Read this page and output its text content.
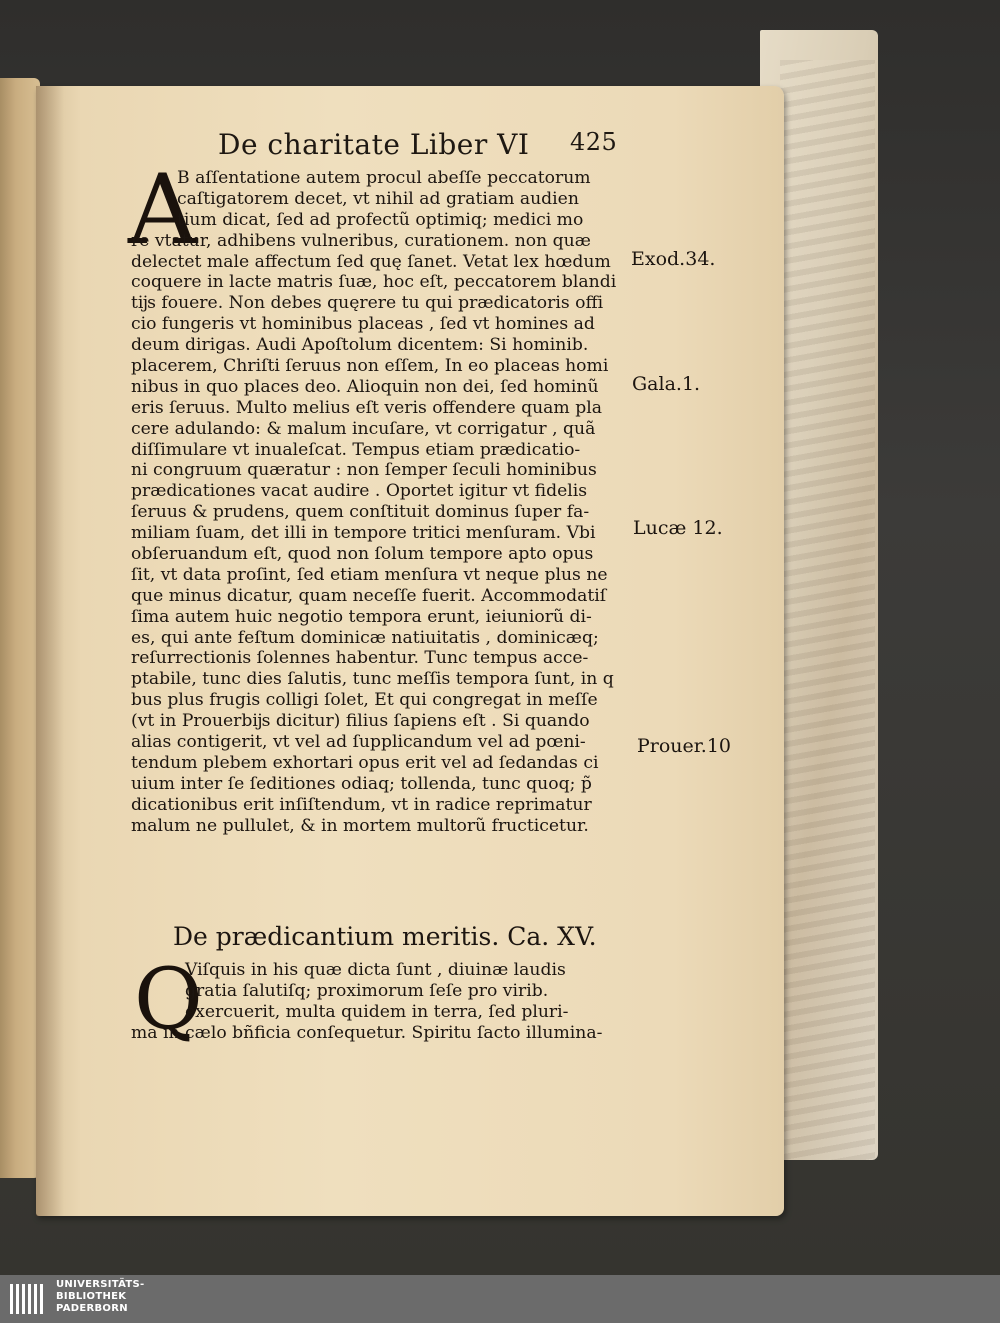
De charitate Liber VI 425
A
B aſſentatione autem procul abeſſe peccatorum
caſtigatorem decet, vt nihil ad gratiam audien
tium dicat, ſed ad profectũ optimiq; medici mo
re vtatur, adhibens vulneribus, curationem. non quæ
delectet male affectum ſed quę ſanet. Vetat lex hœdum
coquere in lacte matris ſuæ, hoc eſt, peccatorem blandi
tĳs fouere. Non debes quęrere tu qui prædicatoris offi
cio fungeris vt hominibus placeas , ſed vt homines ad
deum dirigas. Audi Apoſtolum dicentem: Si hominib.
placerem, Chriſti ſeruus non eſſem, In eo placeas homi
nibus in quo places deo. Alioquin non dei, ſed hominũ
eris ſeruus. Multo melius eſt veris offendere quam pla
cere adulando: & malum incuſare, vt corrigatur , quã
diſſimulare vt inualeſcat. Tempus etiam prædicatio-
ni congruum quæratur : non ſemper ſeculi hominibus
prædicationes vacat audire . Oportet igitur vt fidelis
ſeruus & prudens, quem conſtituit dominus ſuper fa-
miliam ſuam, det illi in tempore tritici menſuram. Vbi
obſeruandum eſt, quod non ſolum tempore apto opus
ſit, vt data proſint, ſed etiam menſura vt neque plus ne
que minus dicatur, quam neceſſe fuerit. Accommodatiſ
ſima autem huic negotio tempora erunt, ieiuniorũ di-
es, qui ante feſtum dominicæ natiuitatis , dominicæq;
reſurrectionis ſolennes habentur. Tunc tempus acce-
ptabile, tunc dies ſalutis, tunc meſſis tempora ſunt, in q
bus plus frugis colligi ſolet, Et qui congregat in meſſe
(vt in Prouerbĳs dicitur) filius ſapiens eſt . Si quando
alias contigerit, vt vel ad ſupplicandum vel ad pœni-
tendum plebem exhortari opus erit vel ad ſedandas ci
uium inter ſe ſeditiones odiaq; tollenda, tunc quoq; p̃
dicationibus erit inſiſtendum, vt in radice reprimatur
malum ne pullulet, & in mortem multorũ fructicetur.
Exod.34.
Gala.1.
Lucæ 12.
Prouer.10
De prædicantium meritis. Ca. XV.
Q
Viſquis in his quæ dicta ſunt , diuinæ laudis
gratia ſalutiſq; proximorum ſeſe pro virib.
exercuerit, multa quidem in terra, ſed pluri-
ma in cælo bñficia conſequetur. Spiritu ſacto illumina-
UNIVERSITÄTS-
BIBLIOTHEK
PADERBORN
